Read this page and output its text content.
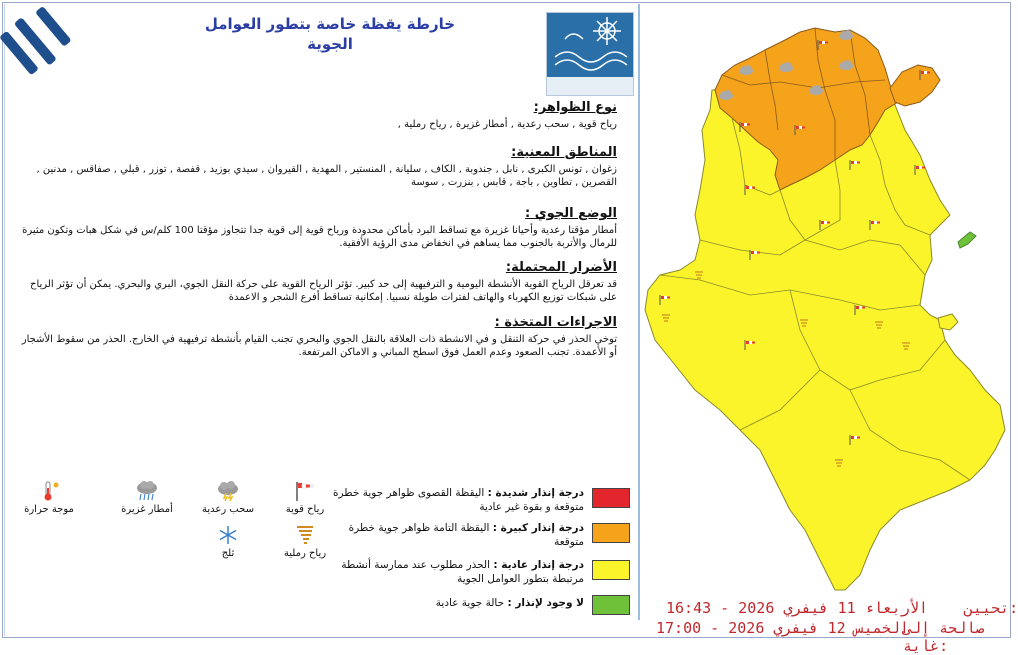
خارطة يقظة خاصة بتطور العوامل
الجوية
نوع الظواهر:
رياح قوية , سحب رعدية , أمطار غزيرة , رياح رملية ,
المناطق المعنية:
زغوان , تونس الكبرى , نابل , جندوبة , الكاف , سليانة , المنستير , المهدية , القيروان , سيدي بوزيد , قفصة , توزر , قبلي , صفاقس , مدنين , القصرين , تطاوين , باجة , قابس , بنزرت , سوسة
الوضع الجوي :
أمطار مؤقتا رعدية وأحيانا غزيرة مع تساقط البرد بأماكن محدودة ورياح قوية إلى قوية جدا تتجاوز مؤقتا 100 كلم/س في شكل هبات وتكون مثيرة للرمال والأتربة بالجنوب مما يساهم في انخفاض مدى الرؤية الأفقية.
الأضرار المحتملة:
قد تعرقل الرياح القوية الأنشطة اليومية و الترفيهية إلى حد كبير. تؤثر الرياح القوية على حركة النقل الجوي، البري والبحري. يمكن أن تؤثر الرياح على شبكات توزيع الكهرباء والهاتف لفترات طويلة نسبيا. إمكانية تساقط أفرع الشجر و الاعمدة
الاجراءات المتخذة :
توخي الحذر في حركة التنقل و في الانشطة ذات العلاقة بالنقل الجوي والبحري تجنب القيام بأنشطة ترفيهية في الخارج. الحذر من سقوط الأشجار أو الأعمدة. تجنب الصعود وعدم العمل فوق اسطح المباني و الاماكن المرتفعة.
درجة إنذار شديدة : اليقظة القصوى ظواهر جوية خطرة متوقعة و بقوة غير عادية
درجة إنذار كبيرة : اليقظة التامة ظواهر جوية خطرة متوقعة
درجة إنذار عادية : الحذر مطلوب عند ممارسة أنشطة مرتبطة بتطور العوامل الجوية
لا وجود لإنذار : حالة جوية عادية
رياح قوية
سحب رعدية
أمطار غزيرة
موجة حرارة
رياح رملية
ثلج
الأربعاء 11 فيفري 2026 - 16:43 تحيين:
الخميس 12 فيفري 2026 - 17:00
صالحة إلى غاية:
